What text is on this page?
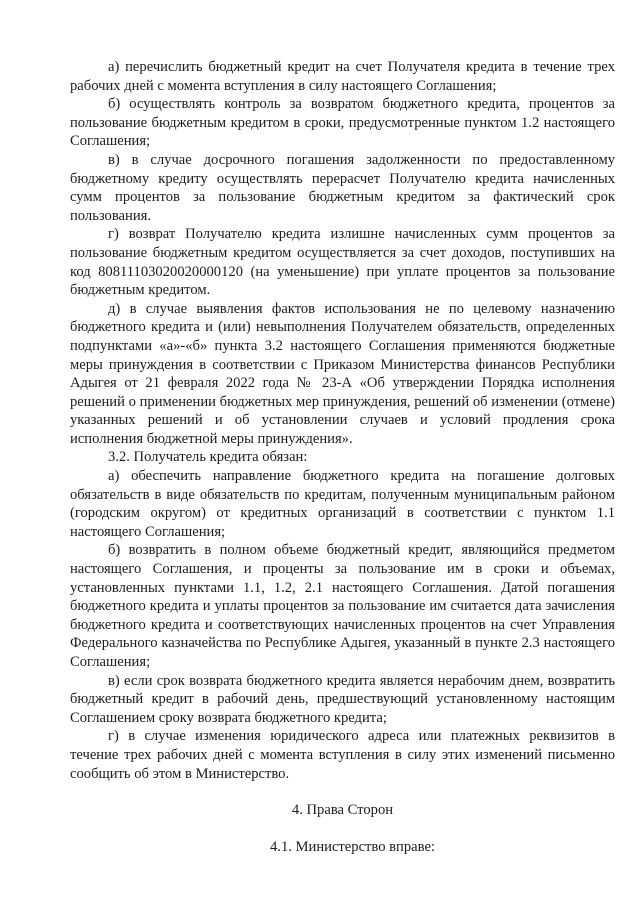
а) перечислить бюджетный кредит на счет Получателя кредита в течение трех рабочих дней с момента вступления в силу настоящего Соглашения;

б) осуществлять контроль за возвратом бюджетного кредита, процентов за пользование бюджетным кредитом в сроки, предусмотренные пунктом 1.2 настоящего Соглашения;

в) в случае досрочного погашения задолженности по предоставленному бюджетному кредиту осуществлять перерасчет Получателю кредита начисленных сумм процентов за пользование бюджетным кредитом за фактический срок пользования.

г) возврат Получателю кредита излишне начисленных сумм процентов за пользование бюджетным кредитом осуществляется за счет доходов, поступивших на код 80811103020020000120 (на уменьшение) при уплате процентов за пользование бюджетным кредитом.

д) в случае выявления фактов использования не по целевому назначению бюджетного кредита и (или) невыполнения Получателем обязательств, определенных подпунктами «а»-«б» пункта 3.2 настоящего Соглашения применяются бюджетные меры принуждения в соответствии с Приказом Министерства финансов Республики Адыгея от 21 февраля 2022 года № 23-А «Об утверждении Порядка исполнения решений о применении бюджетных мер принуждения, решений об изменении (отмене) указанных решений и об установлении случаев и условий продления срока исполнения бюджетной меры принуждения».

3.2. Получатель кредита обязан:

а) обеспечить направление бюджетного кредита на погашение долговых обязательств в виде обязательств по кредитам, полученным муниципальным районом (городским округом) от кредитных организаций в соответствии с пунктом 1.1 настоящего Соглашения;

б) возвратить в полном объеме бюджетный кредит, являющийся предметом настоящего Соглашения, и проценты за пользование им в сроки и объемах, установленных пунктами 1.1, 1.2, 2.1 настоящего Соглашения. Датой погашения бюджетного кредита и уплаты процентов за пользование им считается дата зачисления бюджетного кредита и соответствующих начисленных процентов на счет Управления Федерального казначейства по Республике Адыгея, указанный в пункте 2.3 настоящего Соглашения;

в) если срок возврата бюджетного кредита является нерабочим днем, возвратить бюджетный кредит в рабочий день, предшествующий установленному настоящим Соглашением сроку возврата бюджетного кредита;

г) в случае изменения юридического адреса или платежных реквизитов в течение трех рабочих дней с момента вступления в силу этих изменений письменно сообщить об этом в Министерство.

4. Права Сторон

4.1. Министерство вправе:
